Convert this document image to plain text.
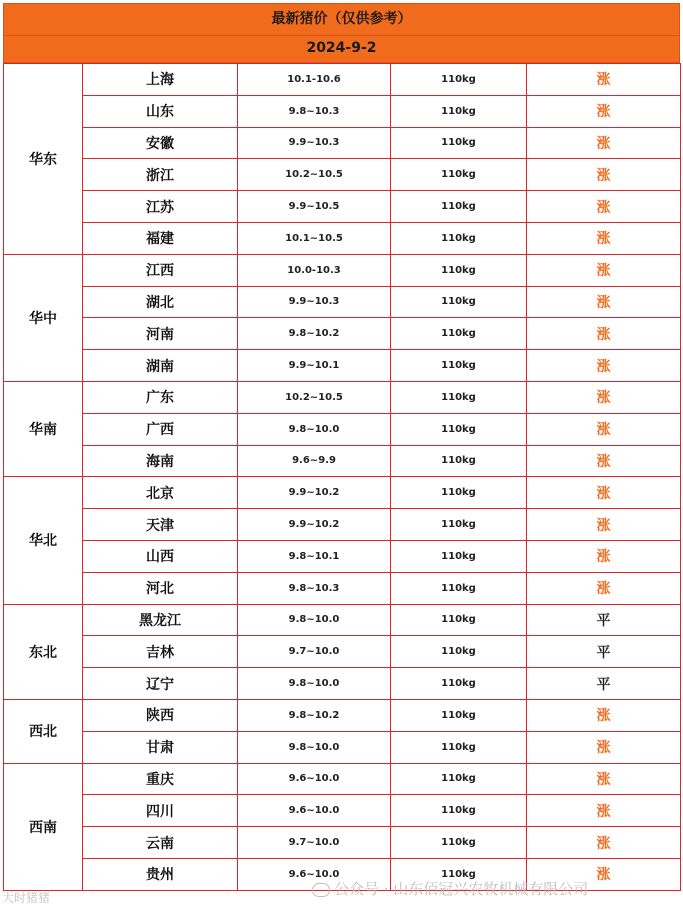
最新猪价（仅供参考）
2024-9-2
华东	上海	10.1-10.6	110kg	涨
	山东	9.8~10.3	110kg	涨
	安徽	9.9~10.3	110kg	涨
	浙江	10.2~10.5	110kg	涨
	江苏	9.9~10.5	110kg	涨
	福建	10.1~10.5	110kg	涨
华中	江西	10.0-10.3	110kg	涨
	湖北	9.9~10.3	110kg	涨
	河南	9.8~10.2	110kg	涨
	湖南	9.9~10.1	110kg	涨
华南	广东	10.2~10.5	110kg	涨
	广西	9.8~10.0	110kg	涨
	海南	9.6~9.9	110kg	涨
华北	北京	9.9~10.2	110kg	涨
	天津	9.9~10.2	110kg	涨
	山西	9.8~10.1	110kg	涨
	河北	9.8~10.3	110kg	涨
东北	黑龙江	9.8~10.0	110kg	平
	吉林	9.7~10.0	110kg	平
	辽宁	9.8~10.0	110kg	平
西北	陕西	9.8~10.2	110kg	涨
	甘肃	9.8~10.0	110kg	涨
西南	重庆	9.6~10.0	110kg	涨
	四川	9.6~10.0	110kg	涨
	云南	9.7~10.0	110kg	涨
	贵州	9.6~10.0	110kg	涨
大时猪猪	公众号 · 山东佰冠兴农牧机械有限公司
